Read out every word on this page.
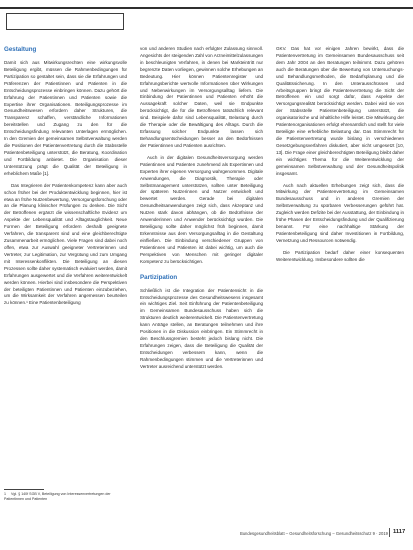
Gestaltung

Damit sich aus Mitwirkungsrechten eine wirkungsvolle Beteiligung ergibt, müssen die Rahmenbedingungen für Partizipation so gestaltet sein, dass sie die Erfahrungen und Präferenzen der Patientinnen und Patienten in die Entscheidungsprozesse einbringen können. Dazu gehört die Erfahrung der Patientinnen und Patienten sowie die Expertise ihrer Organisationen. Beteiligungsprozesse im Gesundheitswesen erfordern daher Strukturen, die Transparenz schaffen, verständliche Informationen bereitstellen und Zugang zu den für die Entscheidungsfindung relevanten Unterlagen ermöglichen. In den Gremien der gemeinsamen Selbstverwaltung werden die Positionen der Patientenvertretung durch die Stabsstelle Patientenbeteiligung unterstützt, die Beratung, Koordination und Fortbildung anbietet. Die Organisation dieser Unterstützung prägt die Qualität der Beteiligung in erheblichem Maße [1].

Das Integrieren der Patientenkompetenz kann aber auch schon früher bei der Produktentwicklung beginnen, hier ist etwa an frühe Nutzenbewertung, Versorgungsforschung oder an die Planung klinischer Prüfungen zu denken. Die Sicht der Betroffenen ergänzt die wissenschaftliche Evidenz um Aspekte der Lebensqualität und Alltagstauglichkeit. Neue Formen der Beteiligung erfordern deshalb geeignete Verfahren, die transparent sind und eine gleichberechtigte Zusammenarbeit ermöglichen. Viele Fragen sind dabei noch offen, etwa zur Auswahl geeigneter Vertreterinnen und Vertreter, zur Legitimation, zur Vergütung und zum Umgang mit Interessenkonflikten. Die Beteiligung an diesen Prozessen sollte daher systematisch evaluiert werden, damit Erfahrungen ausgewertet und die Verfahren weiterentwickelt werden können. Hierbei sind insbesondere die Perspektiven der beteiligten Patientinnen und Patienten einzubeziehen, um die Wirksamkeit der Verfahren angemessen beurteilen zu können.¹ Eine Patientenbeteiligung

von und anderen Studien nach erfolgter Zulassung sinnvoll. Angesichts der steigenden Zahl von Arzneimittelzulassungen in beschleunigten Verfahren, in denen bei Markteintritt nur begrenzte Daten vorliegen, gewinnen solche Erhebungen an Bedeutung. Hier können Patientenregister und Erfahrungsberichte wertvolle Informationen über Wirkungen und Nebenwirkungen im Versorgungsalltag liefern. Die Einbindung der Patientinnen und Patienten erhöht die Aussagekraft solcher Daten, weil sie Endpunkte berücksichtigt, die für die Betroffenen tatsächlich relevant sind. Beispiele dafür sind Lebensqualität, Belastung durch die Therapie oder die Bewältigung des Alltags. Durch die Erfassung solcher Endpunkte lassen sich Behandlungsentscheidungen besser an den Bedürfnissen der Patientinnen und Patienten ausrichten.

Auch in der digitalen Gesundheitsversorgung werden Patientinnen und Patienten zunehmend als Expertinnen und Experten ihrer eigenen Versorgung wahrgenommen. Digitale Anwendungen, die Diagnostik, Therapie oder Selbstmanagement unterstützen, sollten unter Beteiligung der späteren Nutzerinnen und Nutzer entwickelt und bewertet werden. Gerade bei digitalen Gesundheitsanwendungen zeigt sich, dass Akzeptanz und Nutzen stark davon abhängen, ob die Bedürfnisse der Anwenderinnen und Anwender berücksichtigt wurden. Die Beteiligung sollte daher möglichst früh beginnen, damit Erkenntnisse aus dem Versorgungsalltag in die Gestaltung einfließen. Die Einbindung verschiedener Gruppen von Patientinnen und Patienten ist dabei wichtig, um auch die Perspektiven von Menschen mit geringer digitaler Kompetenz zu berücksichtigen.

Partizipation

Schließlich ist die Integration der Patientensicht in die Entscheidungsprozesse des Gesundheitswesens insgesamt ein wichtiges Ziel. Seit Einführung der Patientenbeteiligung im Gemeinsamen Bundesausschuss haben sich die Strukturen deutlich weiterentwickelt. Die Patientenvertretung kann Anträge stellen, an Beratungen teilnehmen und ihre Positionen in die Diskussion einbringen. Ein Stimmrecht in den Beschlussgremien besteht jedoch bislang nicht. Die Erfahrungen zeigen, dass die Beteiligung die Qualität der Entscheidungen verbessern kann, wenn die Rahmenbedingungen stimmen und die Vertreterinnen und Vertreter ausreichend unterstützt werden.

GKV. Das hat vor einigen Jahren bewirkt, dass die Patientenvertretung im Gemeinsamen Bundesausschuss seit dem Jahr 2004 an den Beratungen teilnimmt. Dazu gehören auch die Beratungen über die Bewertung von Untersuchungs- und Behandlungsmethoden, die Bedarfsplanung und die Qualitätssicherung. In den Unterausschüssen und Arbeitsgruppen bringt die Patientenvertretung die Sicht der Betroffenen ein und sorgt dafür, dass Aspekte der Versorgungsrealität berücksichtigt werden. Dabei wird sie von der Stabsstelle Patientenbeteiligung unterstützt, die organisatorische und inhaltliche Hilfe leistet. Die Mitwirkung der Patientenorganisationen erfolgt ehrenamtlich und stellt für viele Beteiligte eine erhebliche Belastung dar. Das Stimmrecht für die Patientenvertretung wurde bislang in verschiedenen Gesetzgebungsverfahren diskutiert, aber nicht umgesetzt [10, 13]. Die Frage einer gleichberechtigten Beteiligung bleibt daher ein wichtiges Thema für die Weiterentwicklung der gemeinsamen Selbstverwaltung und der Gesundheitspolitik insgesamt.

Auch nach aktuellen Erhebungen zeigt sich, dass die Mitwirkung der Patientenvertretung im Gemeinsamen Bundesausschuss und in anderen Gremien der Selbstverwaltung zu spürbaren Verbesserungen geführt hat. Zugleich werden Defizite bei der Ausstattung, der Einbindung in frühe Phasen der Entscheidungsfindung und der Qualifizierung benannt. Für eine nachhaltige Stärkung der Patientenbeteiligung sind daher Investitionen in Fortbildung, Vernetzung und Ressourcen notwendig.

Die Partizipation bedarf daher einer konsequenten Weiterentwicklung. Insbesondere sollten die

1 Vgl. § 140f SGB V, Beteiligung von Interessenvertretungen der Patientinnen und Patienten
Bundesgesundheitsblatt – Gesundheitsforschung – Gesundheitsschutz 9 · 2019 1117
